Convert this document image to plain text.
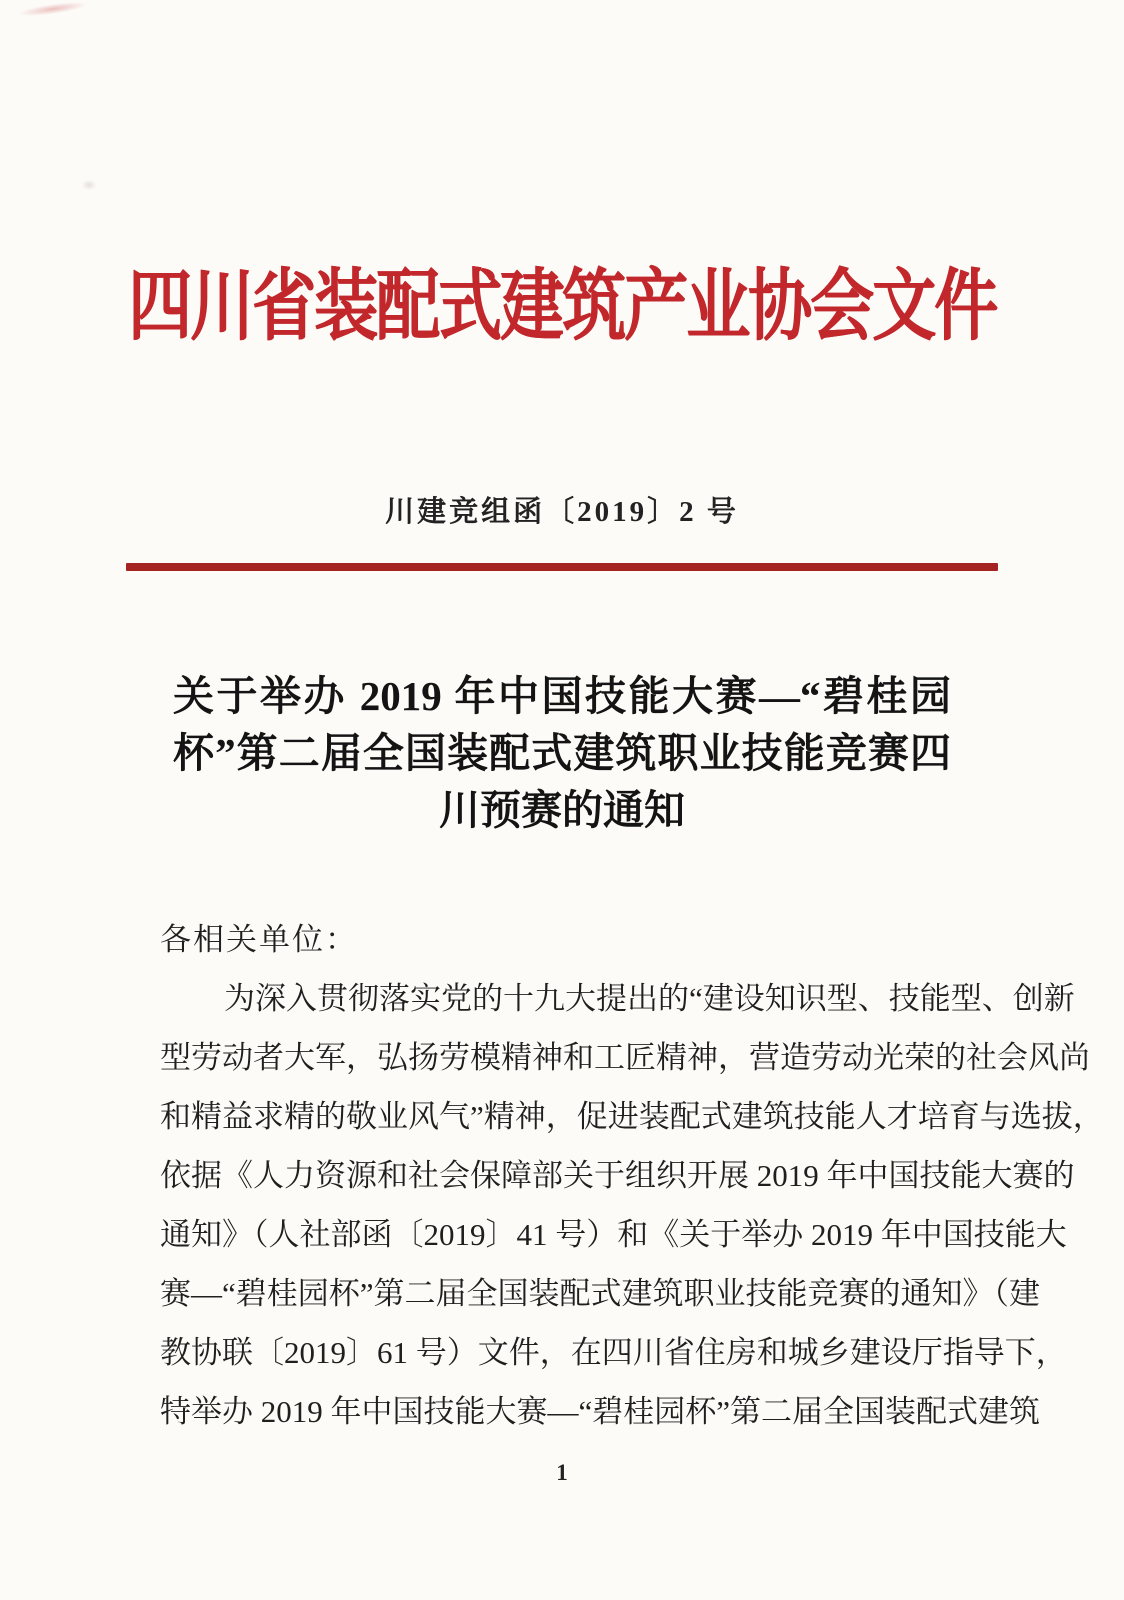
四川省装配式建筑产业协会文件
川建竞组函〔2019〕2 号
关于举办 2019 年中国技能大赛—“碧桂园
杯”第二届全国装配式建筑职业技能竞赛四
川预赛的通知
各相关单位：
为深入贯彻落实党的十九大提出的“建设知识型、技能型、创新
型劳动者大军，弘扬劳模精神和工匠精神，营造劳动光荣的社会风尚
和精益求精的敬业风气”精神，促进装配式建筑技能人才培育与选拔，
依据《人力资源和社会保障部关于组织开展 2019 年中国技能大赛的
通知》（人社部函〔2019〕41 号）和《关于举办 2019 年中国技能大
赛—“碧桂园杯”第二届全国装配式建筑职业技能竞赛的通知》（建
教协联〔2019〕61 号）文件，在四川省住房和城乡建设厅指导下，
特举办 2019 年中国技能大赛—“碧桂园杯”第二届全国装配式建筑
1
